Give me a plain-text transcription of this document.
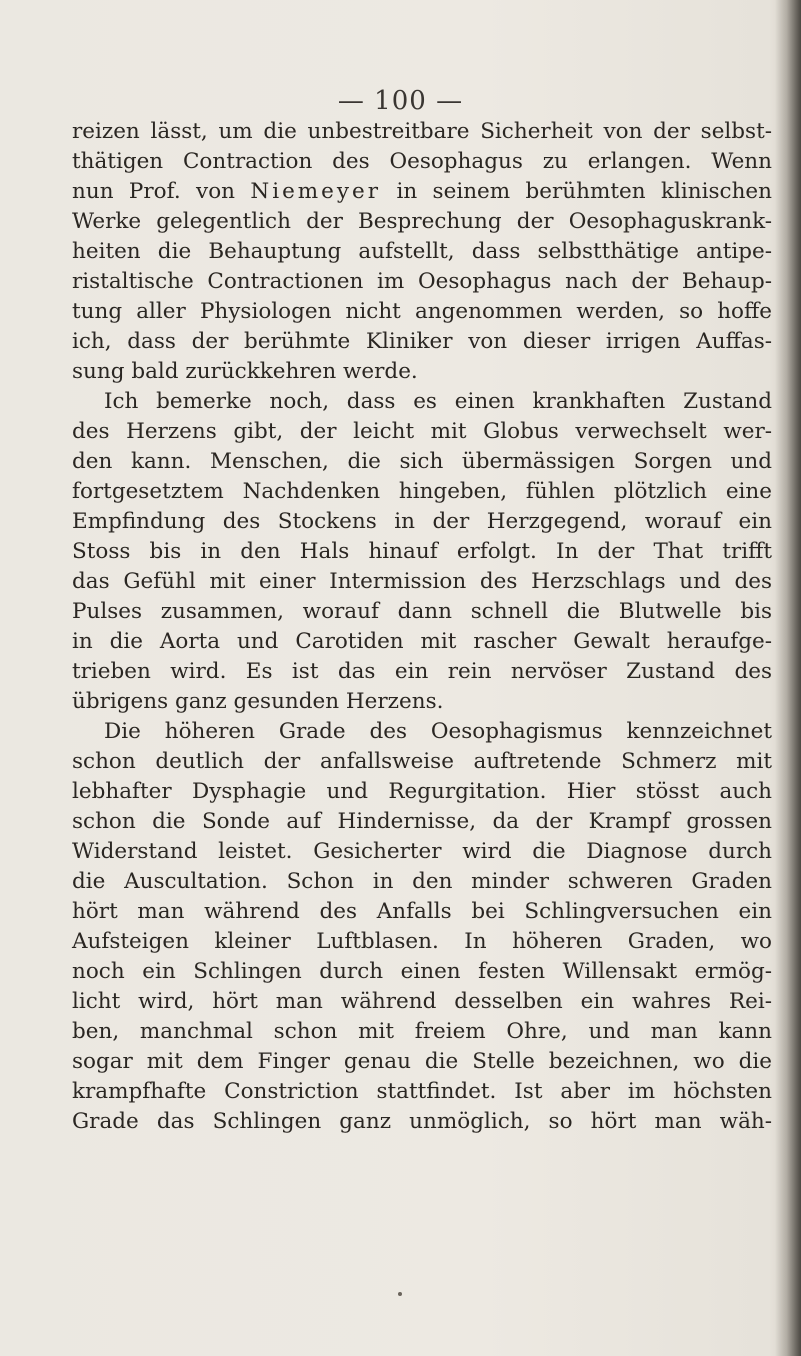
— 100 —
reizen lässt, um die unbestreitbare Sicherheit von der selbst-
thätigen Contraction des Oesophagus zu erlangen. Wenn
nun Prof. von Niemeyer in seinem berühmten klinischen
Werke gelegentlich der Besprechung der Oesophaguskrank-
heiten die Behauptung aufstellt, dass selbstthätige antipe-
ristaltische Contractionen im Oesophagus nach der Behaup-
tung aller Physiologen nicht angenommen werden, so hoffe
ich, dass der berühmte Kliniker von dieser irrigen Auffas-
sung bald zurückkehren werde.
Ich bemerke noch, dass es einen krankhaften Zustand
des Herzens gibt, der leicht mit Globus verwechselt wer-
den kann. Menschen, die sich übermässigen Sorgen und
fortgesetztem Nachdenken hingeben, fühlen plötzlich eine
Empfindung des Stockens in der Herzgegend, worauf ein
Stoss bis in den Hals hinauf erfolgt. In der That trifft
das Gefühl mit einer Intermission des Herzschlags und des
Pulses zusammen, worauf dann schnell die Blutwelle bis
in die Aorta und Carotiden mit rascher Gewalt heraufge-
trieben wird. Es ist das ein rein nervöser Zustand des
übrigens ganz gesunden Herzens.
Die höheren Grade des Oesophagismus kennzeichnet
schon deutlich der anfallsweise auftretende Schmerz mit
lebhafter Dysphagie und Regurgitation. Hier stösst auch
schon die Sonde auf Hindernisse, da der Krampf grossen
Widerstand leistet. Gesicherter wird die Diagnose durch
die Auscultation. Schon in den minder schweren Graden
hört man während des Anfalls bei Schlingversuchen ein
Aufsteigen kleiner Luftblasen. In höheren Graden, wo
noch ein Schlingen durch einen festen Willensakt ermög-
licht wird, hört man während desselben ein wahres Rei-
ben, manchmal schon mit freiem Ohre, und man kann
sogar mit dem Finger genau die Stelle bezeichnen, wo die
krampfhafte Constriction stattfindet. Ist aber im höchsten
Grade das Schlingen ganz unmöglich, so hört man wäh-
